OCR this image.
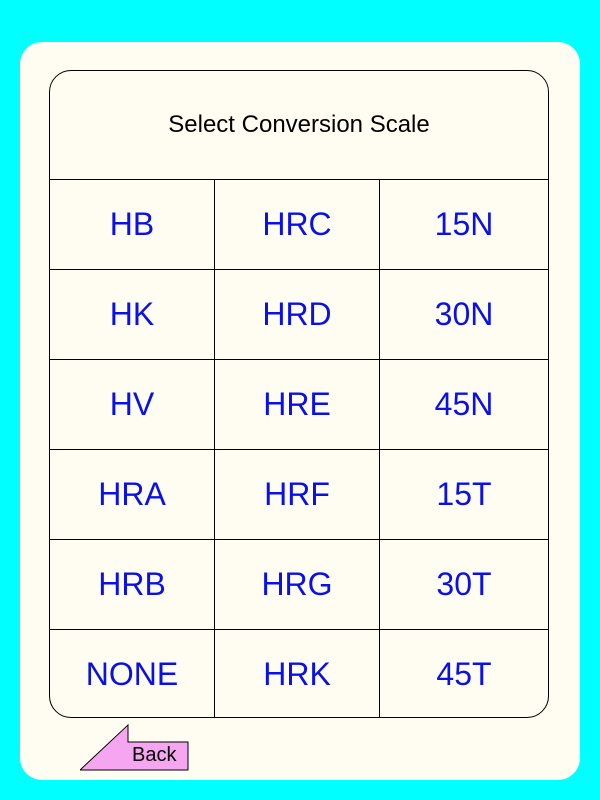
Select Conversion Scale
HB	HRC	15N
HK	HRD	30N
HV	HRE	45N
HRA	HRF	15T
HRB	HRG	30T
NONE	HRK	45T
Back
